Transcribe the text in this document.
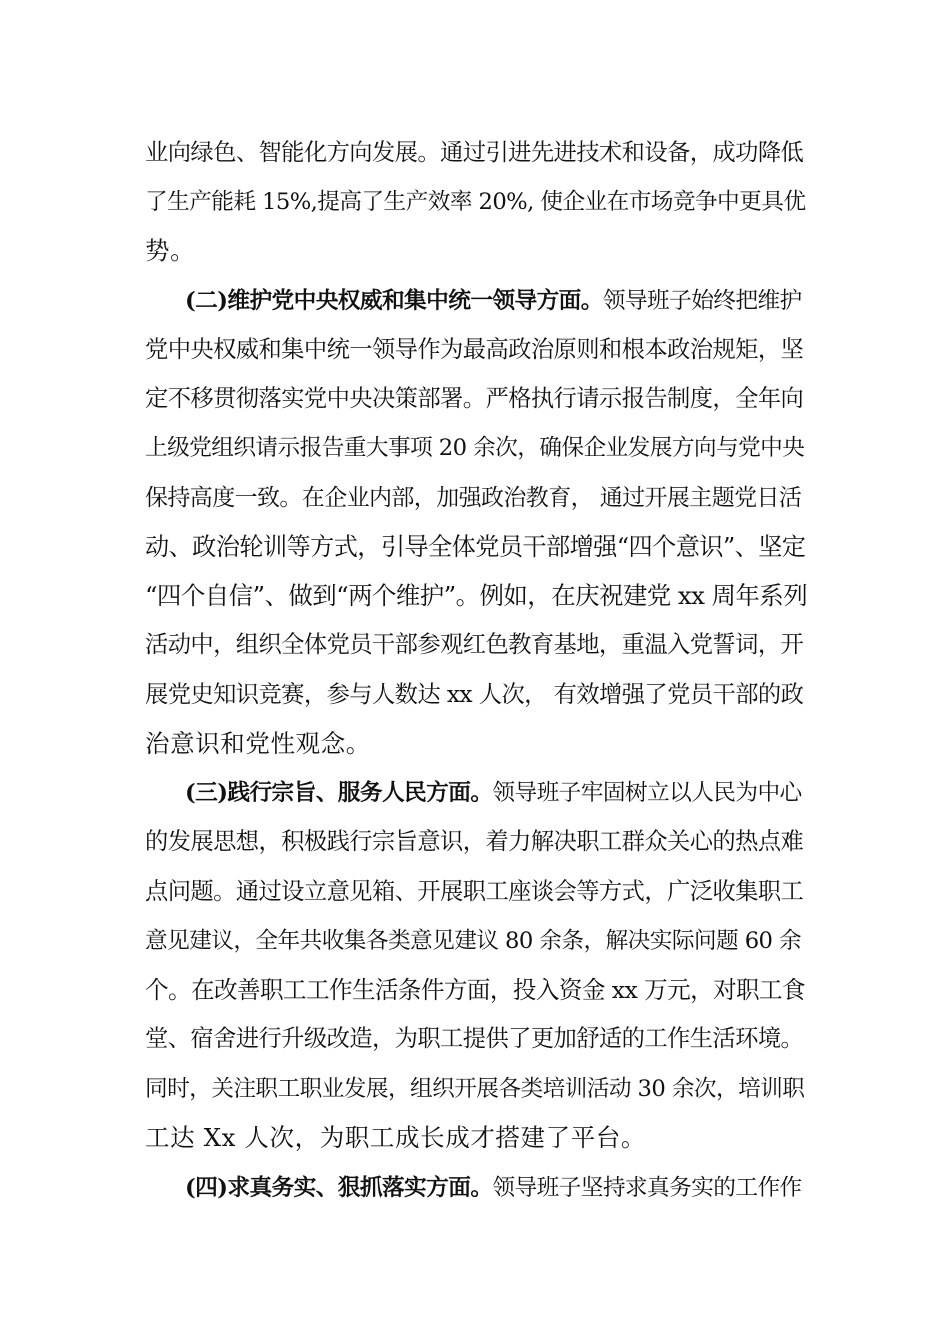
业向绿色、智能化方向发展。通过引进先进技术和设备，成功降低
了生产能耗 15%,提高了生产效率 20%, 使企业在市场竞争中更具优
势。
(二)维护党中央权威和集中统一领导方面。领导班子始终把维护
党中央权威和集中统一领导作为最高政治原则和根本政治规矩，坚
定不移贯彻落实党中央决策部署。严格执行请示报告制度，全年向
上级党组织请示报告重大事项 20 余次，确保企业发展方向与党中央
保持高度一致。在企业内部，加强政治教育， 通过开展主题党日活
动、政治轮训等方式，引导全体党员干部增强“四个意识”、坚定
“四个自信”、做到“两个维护”。例如，在庆祝建党 xx 周年系列
活动中，组织全体党员干部参观红色教育基地，重温入党誓词，开
展党史知识竞赛，参与人数达 xx 人次， 有效增强了党员干部的政
治意识和党性观念。
(三)践行宗旨、服务人民方面。领导班子牢固树立以人民为中心
的发展思想，积极践行宗旨意识，着力解决职工群众关心的热点难
点问题。通过设立意见箱、开展职工座谈会等方式，广泛收集职工
意见建议，全年共收集各类意见建议 80 余条，解决实际问题 60 余
个。在改善职工工作生活条件方面，投入资金 xx 万元，对职工食
堂、宿舍进行升级改造，为职工提供了更加舒适的工作生活环境。
同时，关注职工职业发展，组织开展各类培训活动 30 余次，培训职
工达 Xx 人次，为职工成长成才搭建了平台。
(四)求真务实、狠抓落实方面。领导班子坚持求真务实的工作作
